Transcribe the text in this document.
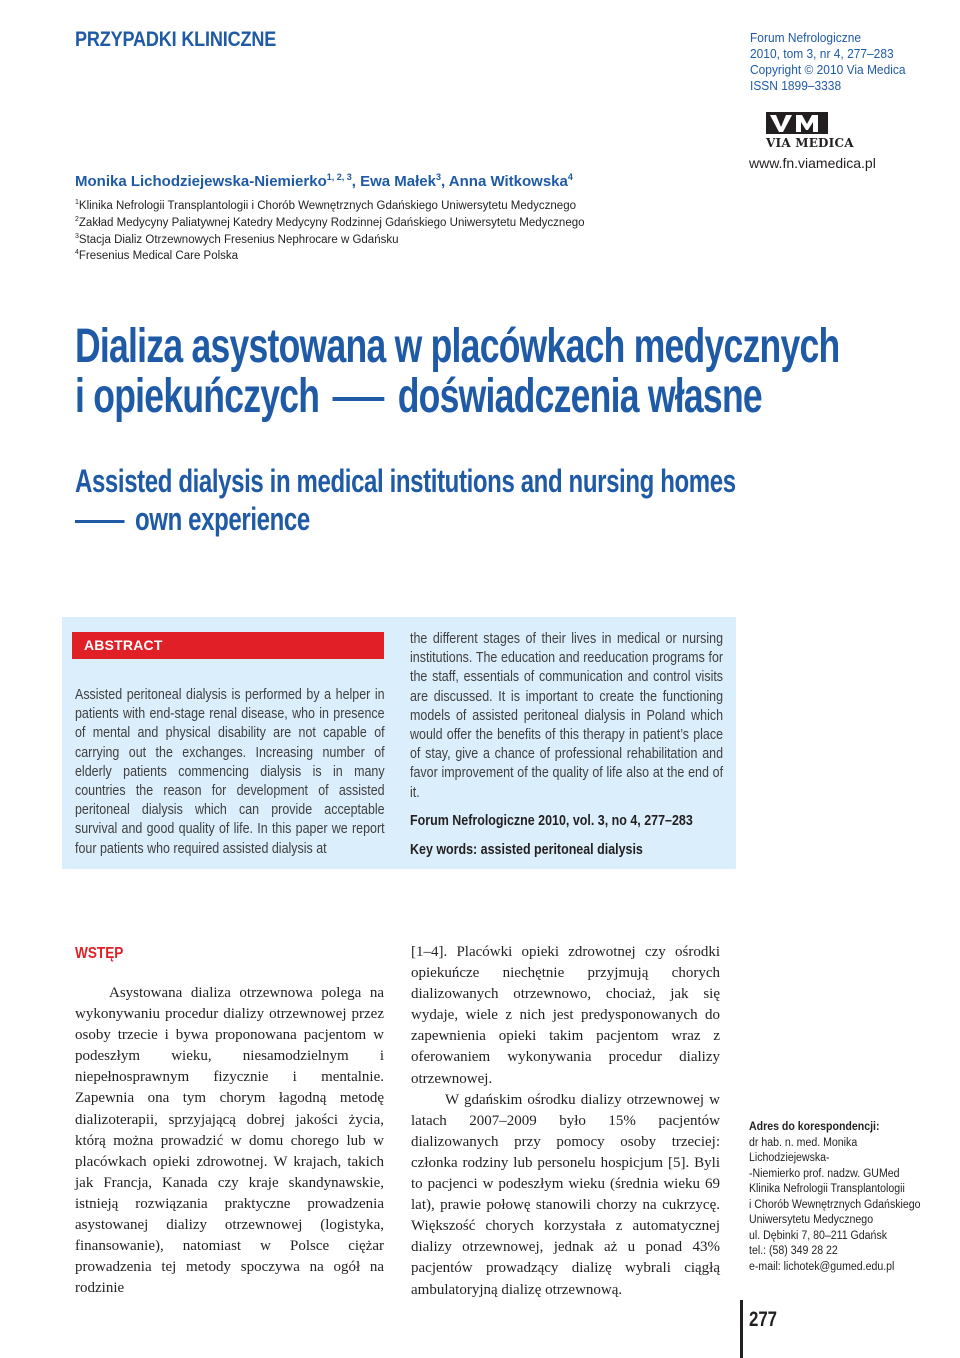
PRZYPADKI KLINICZNE	Forum Nefrologiczne
2010, tom 3, nr 4, 277–283
Copyright © 2010 Via Medica
ISSN 1899–3338
VIA MEDICA
www.fn.viamedica.pl
Monika Lichodziejewska-Niemierko$^{1, 2, 3}$, Ewa Małek$^3$, Anna Witkowska$^4$
$^1$Klinika Nefrologii Transplantologii i Chorób Wewnętrznych Gdańskiego Uniwersytetu Medycznego
$^2$Zakład Medycyny Paliatywnej Katedry Medycyny Rodzinnej Gdańskiego Uniwersytetu Medycznego
$^3$Stacja Dializ Otrzewnowych Fresenius Nephrocare w Gdańsku
$^4$Fresenius Medical Care Polska
Dializa asystowana w placówkach medycznych
i opiekuńczych doświadczenia własne
Assisted dialysis in medical institutions and nursing homes
own experience
ABSTRACT
Assisted peritoneal dialysis is performed by a helper in patients with end-stage renal disease, who in presence of mental and physical disability are not capable of carrying out the exchanges. Increasing number of elderly patients commencing dialysis is in many countries the reason for development of assisted peritoneal dialysis which can provide acceptable survival and good quality of life. In this paper we report four patients who required assisted dialysis at
the different stages of their lives in medical or nursing institutions. The education and reeducation programs for the staff, essentials of communication and control visits are discussed. It is important to create the functioning models of assisted peritoneal dialysis in Poland which would offer the benefits of this therapy in patient’s place of stay, give a chance of professional rehabilitation and favor improvement of the quality of life also at the end of it.
Forum Nefrologiczne 2010, vol. 3, no 4, 277–283
Key words: assisted peritoneal dialysis
WSTĘP

Asystowana dializa otrzewnowa polega na wykonywaniu procedur dializy otrzewnowej przez osoby trzecie i bywa proponowana pacjentom w podeszłym wieku, niesamodzielnym i niepełnosprawnym fizycznie i mentalnie. Zapewnia ona tym chorym łagodną metodę dializoterapii, sprzyjającą dobrej jakości życia, którą można prowadzić w domu chorego lub w placówkach opieki zdrowotnej. W krajach, takich jak Francja, Kanada czy kraje skandynawskie, istnieją rozwiązania praktyczne prowadzenia asystowanej dializy otrzewnowej (logistyka, finansowanie), natomiast w Polsce ciężar prowadzenia tej metody spoczywa na ogół na rodzinie

[1–4]. Placówki opieki zdrowotnej czy ośrodki opiekuńcze niechętnie przyjmują chorych dializowanych otrzewnowo, chociaż, jak się wydaje, wiele z nich jest predysponowanych do zapewnienia opieki takim pacjentom wraz z oferowaniem wykonywania procedur dializy otrzewnowej.

W gdańskim ośrodku dializy otrzewnowej w latach 2007–2009 było 15% pacjentów dializowanych przy pomocy osoby trzeciej: członka rodziny lub personelu hospicjum [5]. Byli to pacjenci w podeszłym wieku (średnia wieku 69 lat), prawie połowę stanowili chorzy na cukrzycę. Większość chorych korzystała z automatycznej dializy otrzewnowej, jednak aż u ponad 43% pacjentów prowadzący dializę wybrali ciągłą ambulatoryjną dializę otrzewnową.

Adres do korespondencji:
dr hab. n. med. Monika Lichodziejewska-
-Niemierko prof. nadzw. GUMed
Klinika Nefrologii Transplantologii
i Chorób Wewnętrznych Gdańskiego
Uniwersytetu Medycznego
ul. Dębinki 7, 80–211 Gdańsk
tel.: (58) 349 28 22
e-mail: lichotek@gumed.edu.pl
277
